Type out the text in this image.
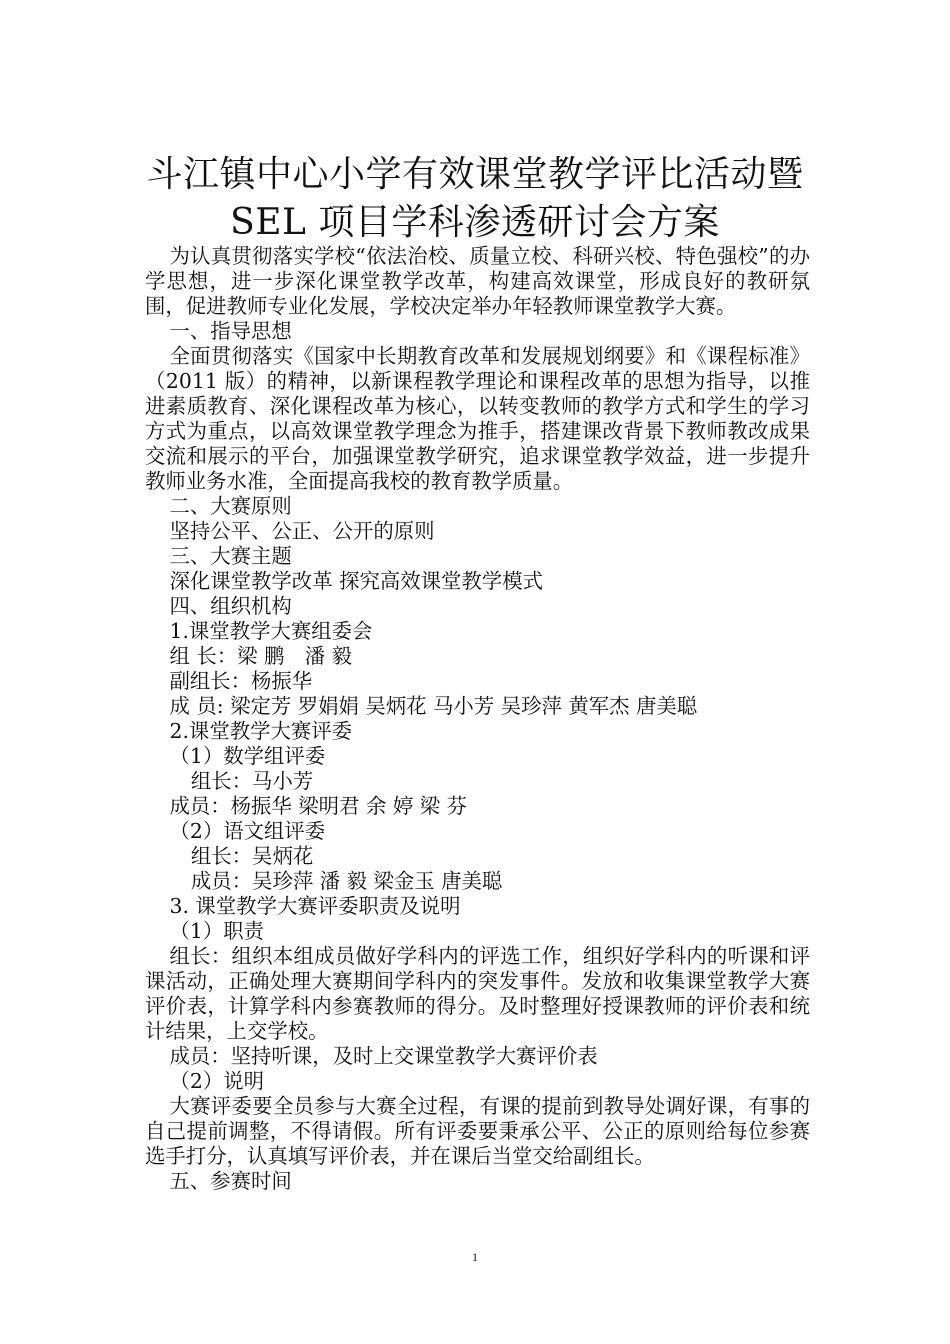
斗江镇中心小学有效课堂教学评比活动暨
SEL 项目学科渗透研讨会方案

为认真贯彻落实学校“依法治校、质量立校、科研兴校、特色强校”的办学思想，进一步深化课堂教学改革，构建高效课堂，形成良好的教研氛围，促进教师专业化发展，学校决定举办年轻教师课堂教学大赛。

一、指导思想

全面贯彻落实《国家中长期教育改革和发展规划纲要》和《课程标准》（2011 版）的精神，以新课程教学理论和课程改革的思想为指导，以推进素质教育、深化课程改革为核心，以转变教师的教学方式和学生的学习方式为重点，以高效课堂教学理念为推手，搭建课改背景下教师教改成果交流和展示的平台，加强课堂教学研究，追求课堂教学效益，进一步提升教师业务水准，全面提高我校的教育教学质量。

二、大赛原则

坚持公平、公正、公开的原则

三、大赛主题

深化课堂教学改革 探究高效课堂教学模式

四、组织机构

1.课堂教学大赛组委会

组 长：梁 鹏　潘 毅

副组长：杨振华

成 员: 梁定芳 罗娟娟 吴炳花 马小芳 吴珍萍 黄军杰 唐美聪

2.课堂教学大赛评委

（1）数学组评委

组长：马小芳

成员：杨振华 梁明君 余 婷 梁 芬

（2）语文组评委

组长：吴炳花

成员：吴珍萍 潘 毅 梁金玉 唐美聪

3. 课堂教学大赛评委职责及说明

（1）职责

组长：组织本组成员做好学科内的评选工作，组织好学科内的听课和评课活动，正确处理大赛期间学科内的突发事件。发放和收集课堂教学大赛评价表，计算学科内参赛教师的得分。及时整理好授课教师的评价表和统计结果，上交学校。

成员：坚持听课，及时上交课堂教学大赛评价表

（2）说明

大赛评委要全员参与大赛全过程，有课的提前到教导处调好课，有事的自己提前调整，不得请假。所有评委要秉承公平、公正的原则给每位参赛选手打分，认真填写评价表，并在课后当堂交给副组长。

五、参赛时间

1
